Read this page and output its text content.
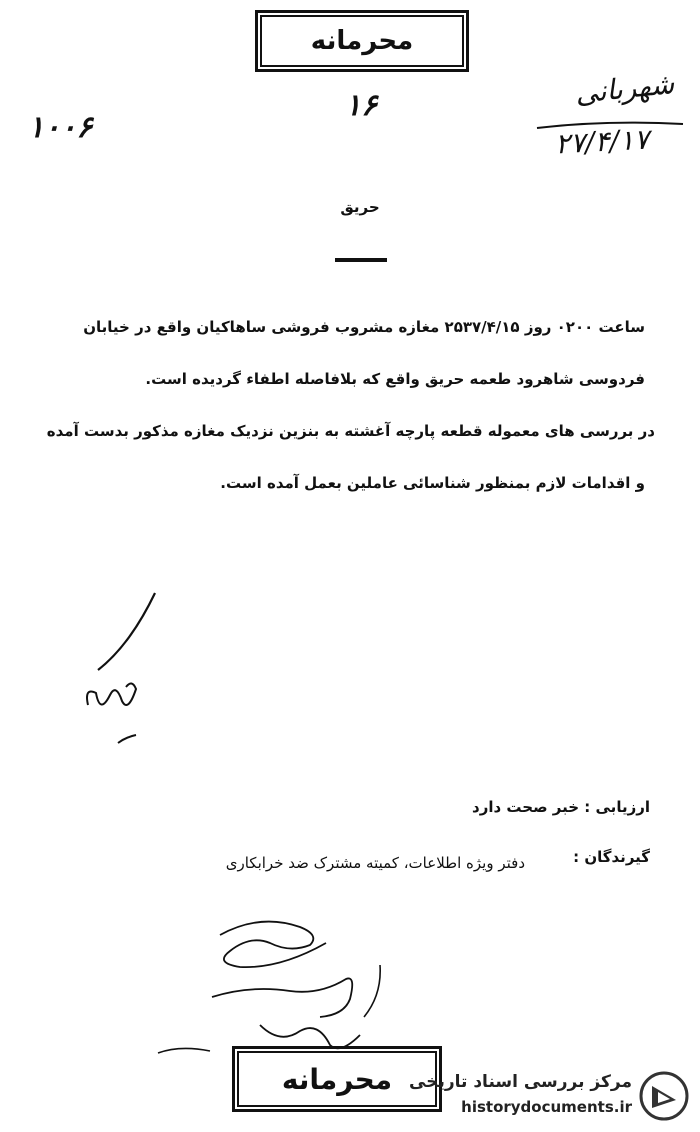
محرمانه
۱۰۰۶
۱۶	شهربانی
۲۷/۴/۱۷
حریق
ساعت ۰۲۰۰ روز ۲۵۳۷/۴/۱۵ مغازه مشروب فروشی ساهاکیان واقع در خیابان
فردوسی شاهرود طعمه حریق واقع که بلافاصله اطفاء گردیده است.
در بررسی های معموله قطعه پارچه آغشته به بنزین نزدیک مغازه مذکور بدست آمده
و اقدامات لازم بمنظور شناسائی عاملین بعمل آمده است.
ارزیابی : خبر صحت دارد
گیرندگان :
دفتر ویژه اطلاعات، کمیته مشترک ضد خرابکاری
محرمانه مرکز بررسی اسناد تاریخی
historydocuments.ir
